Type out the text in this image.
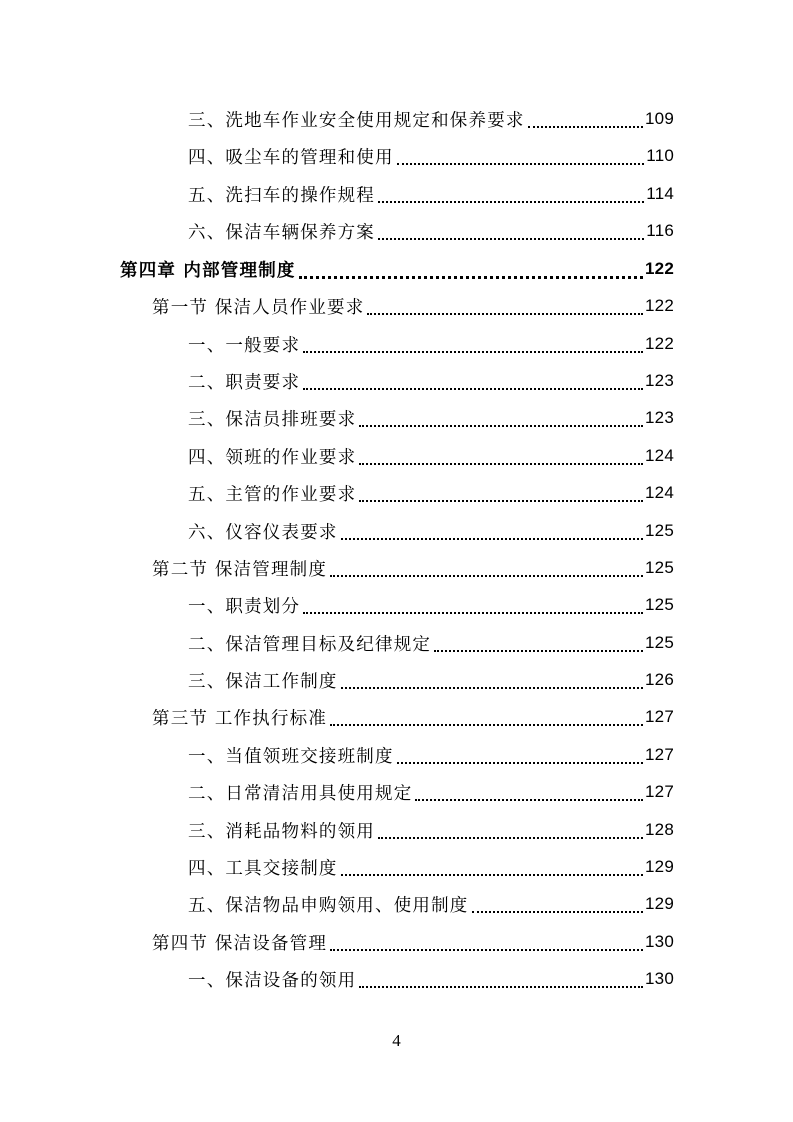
三、洗地车作业安全使用规定和保养要求	109
四、吸尘车的管理和使用	110
五、洗扫车的操作规程	114
六、保洁车辆保养方案	116
第四章 内部管理制度	122
第一节 保洁人员作业要求	122
一、一般要求	122
二、职责要求	123
三、保洁员排班要求	123
四、领班的作业要求	124
五、主管的作业要求	124
六、仪容仪表要求	125
第二节 保洁管理制度	125
一、职责划分	125
二、保洁管理目标及纪律规定	125
三、保洁工作制度	126
第三节 工作执行标准	127
一、当值领班交接班制度	127
二、日常清洁用具使用规定	127
三、消耗品物料的领用	128
四、工具交接制度	129
五、保洁物品申购领用、使用制度	129
第四节 保洁设备管理	130
一、保洁设备的领用	130
4
